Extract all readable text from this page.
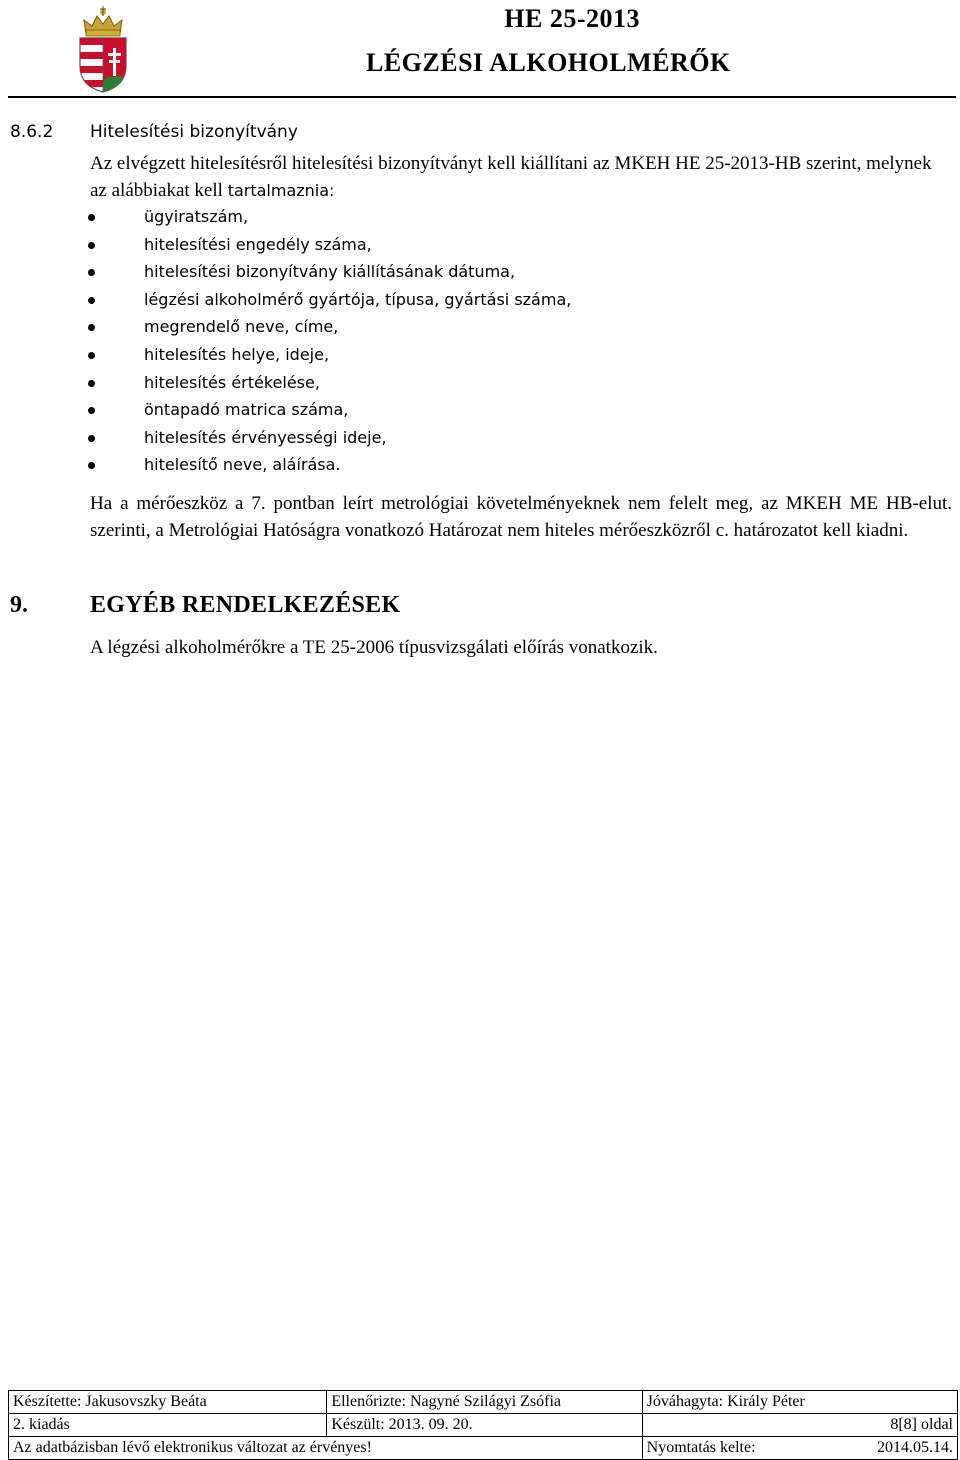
HE 25-2013
LÉGZÉSI ALKOHOLMÉRŐK
8.6.2 Hitelesítési bizonyítvány
Az elvégzett hitelesítésről hitelesítési bizonyítványt kell kiállítani az MKEH HE 25-2013-HB szerint, melynek az alábbiakat kell tartalmaznia:
ügyiratszám,
hitelesítési engedély száma,
hitelesítési bizonyítvány kiállításának dátuma,
légzési alkoholmérő gyártója, típusa, gyártási száma,
megrendelő neve, címe,
hitelesítés helye, ideje,
hitelesítés értékelése,
öntapadó matrica száma,
hitelesítés érvényességi ideje,
hitelesítő neve, aláírása.
Ha a mérőeszköz a 7. pontban leírt metrológiai követelményeknek nem felelt meg, az MKEH ME HB-elut. szerinti, a Metrológiai Hatóságra vonatkozó Határozat nem hiteles mérőeszközről c. határozatot kell kiadni.
9.	EGYÉB RENDELKEZÉSEK
A légzési alkoholmérőkre a TE 25-2006 típusvizsgálati előírás vonatkozik.
Készítette: Jakusovszky Beáta	Ellenőrizte: Nagyné Szilágyi Zsófia	Jóváhagyta: Király Péter
2. kiadás	Készült: 2013. 09. 20.	8[8] oldal
Az adatbázisban lévő elektronikus változat az érvényes!		Nyomtatás kelte: 2014.05.14.
